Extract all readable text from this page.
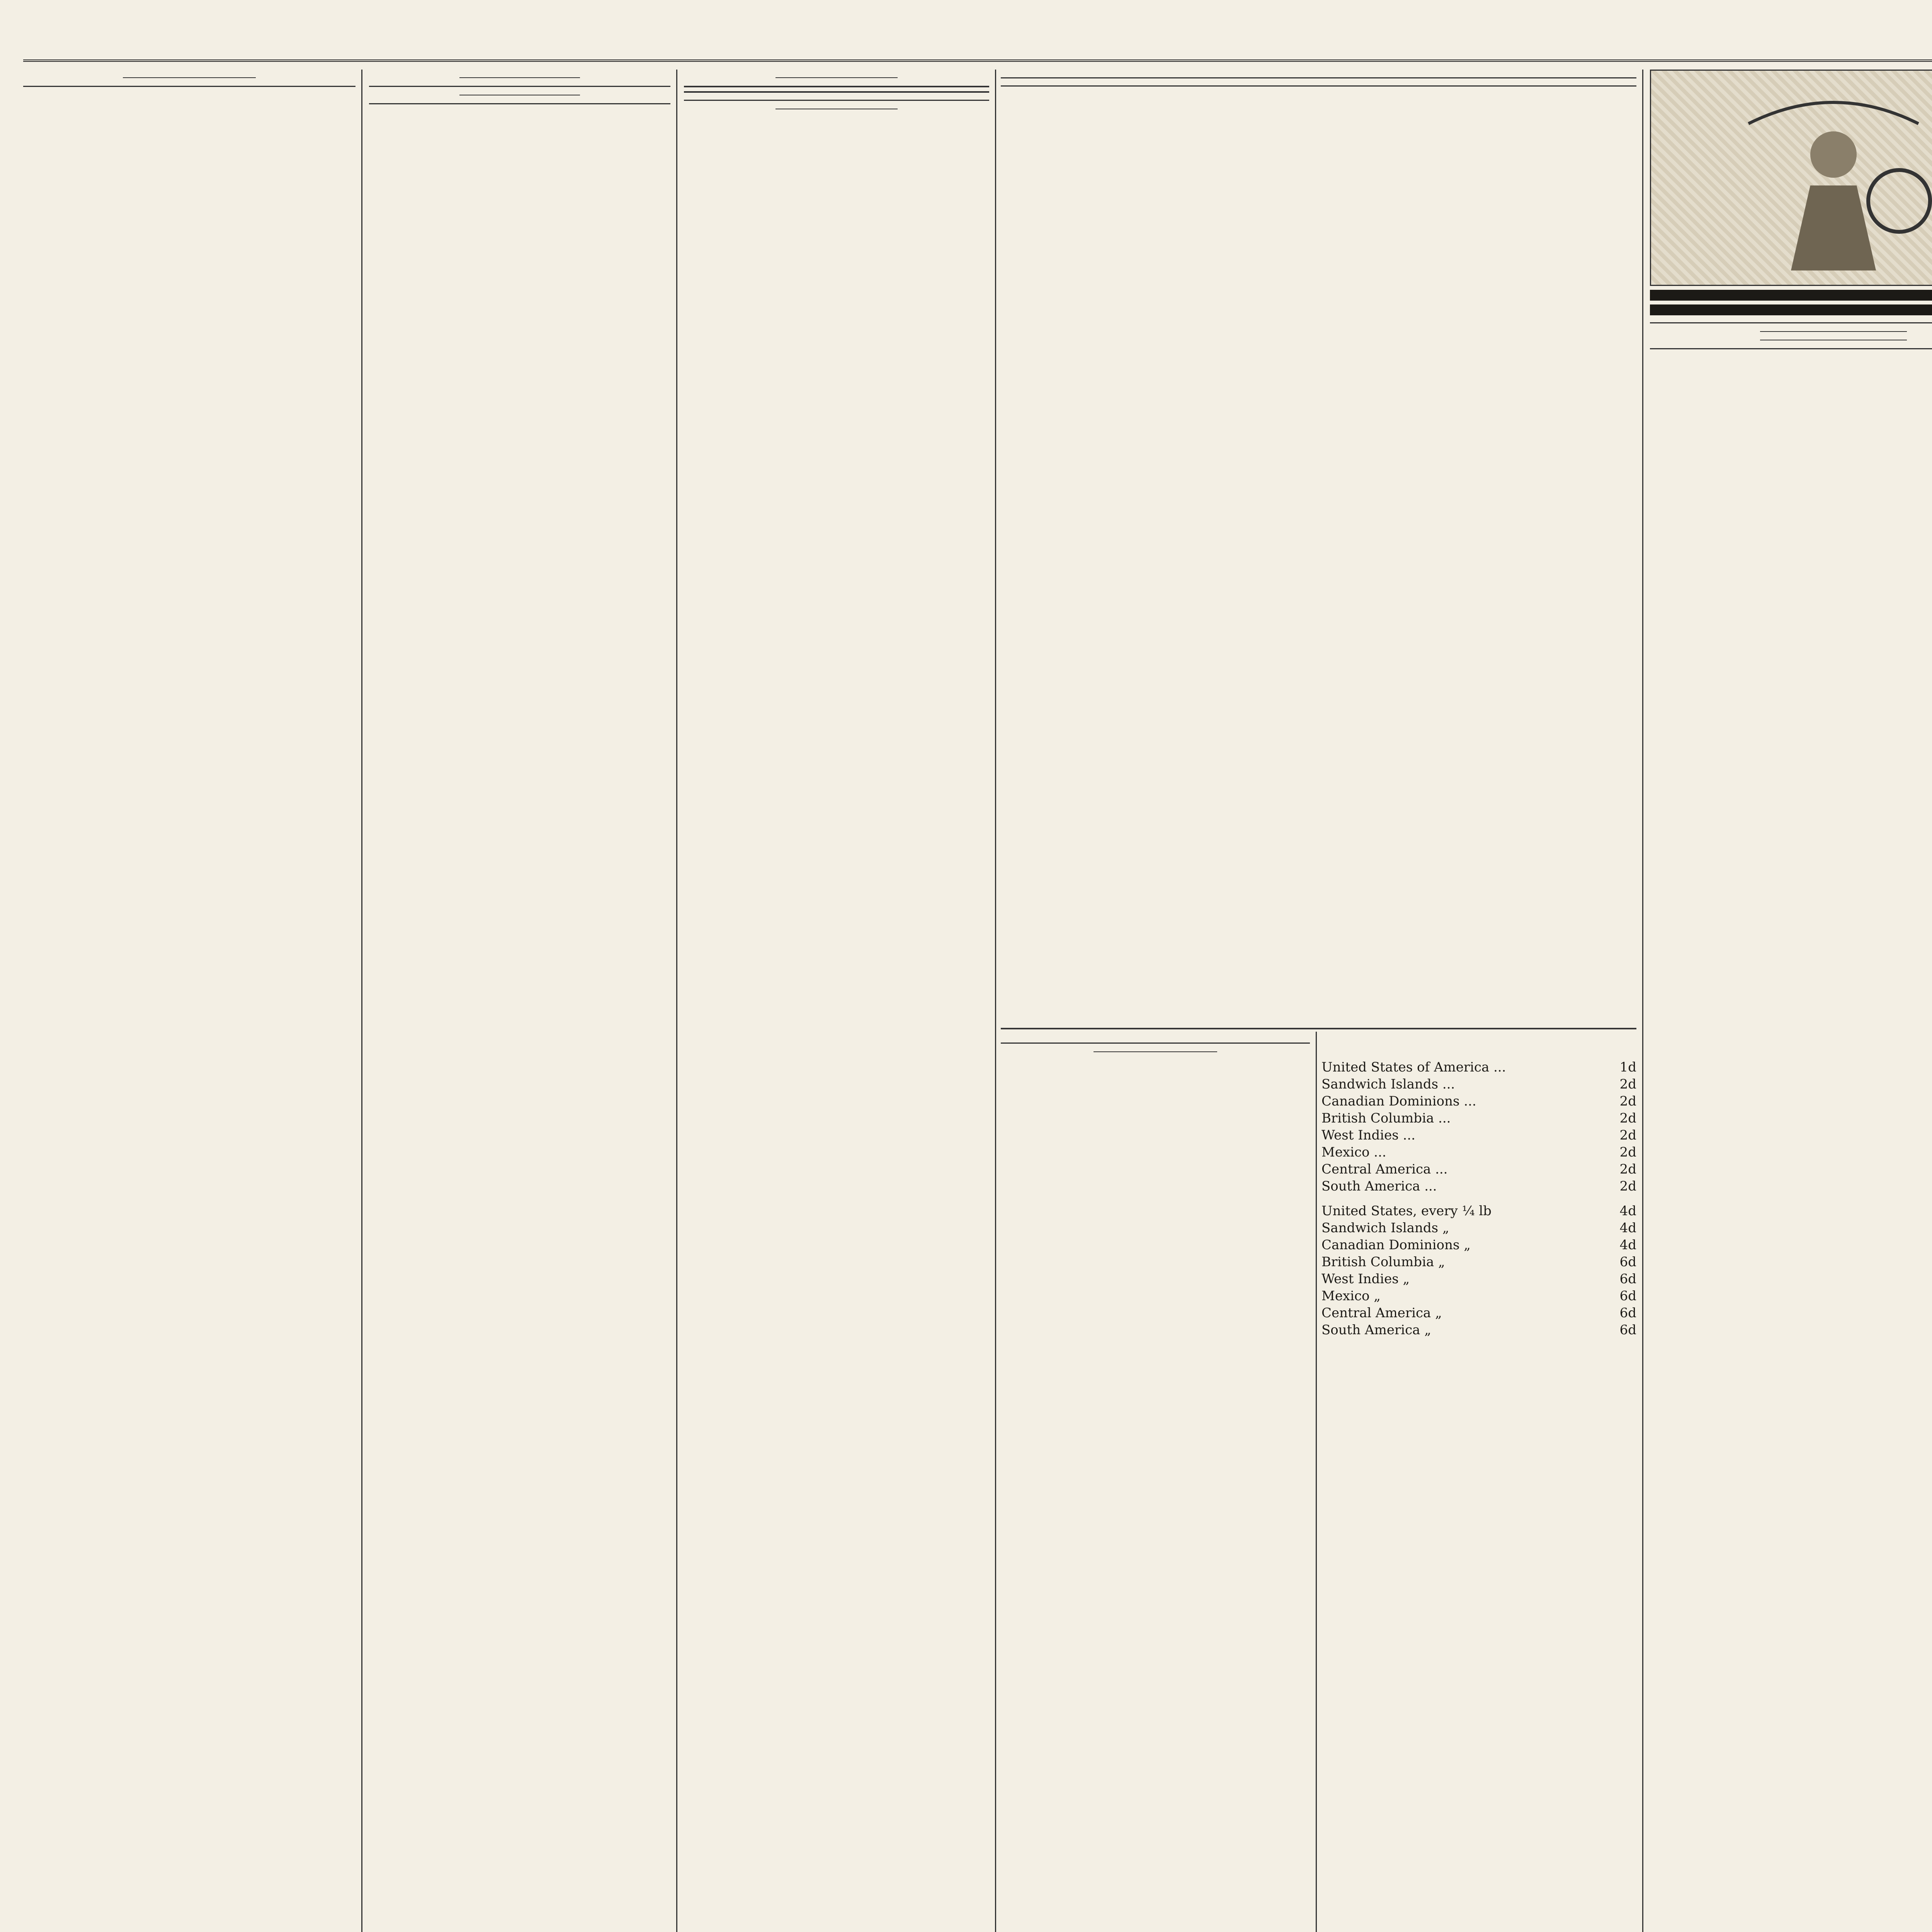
United States of America ...	1d
Sandwich Islands ...	2d
Canadian Dominions ...	2d
British Columbia ...	2d
West Indies ...	2d
Mexico ...	2d
Central America ...	2d
South America ...	2d

United States, every ¼ lb	4d
Sandwich Islands „	4d
Canadian Dominions „	4d
British Columbia „	6d
West Indies „	6d
Mexico „	6d
Central America „	6d
South America „	6d
